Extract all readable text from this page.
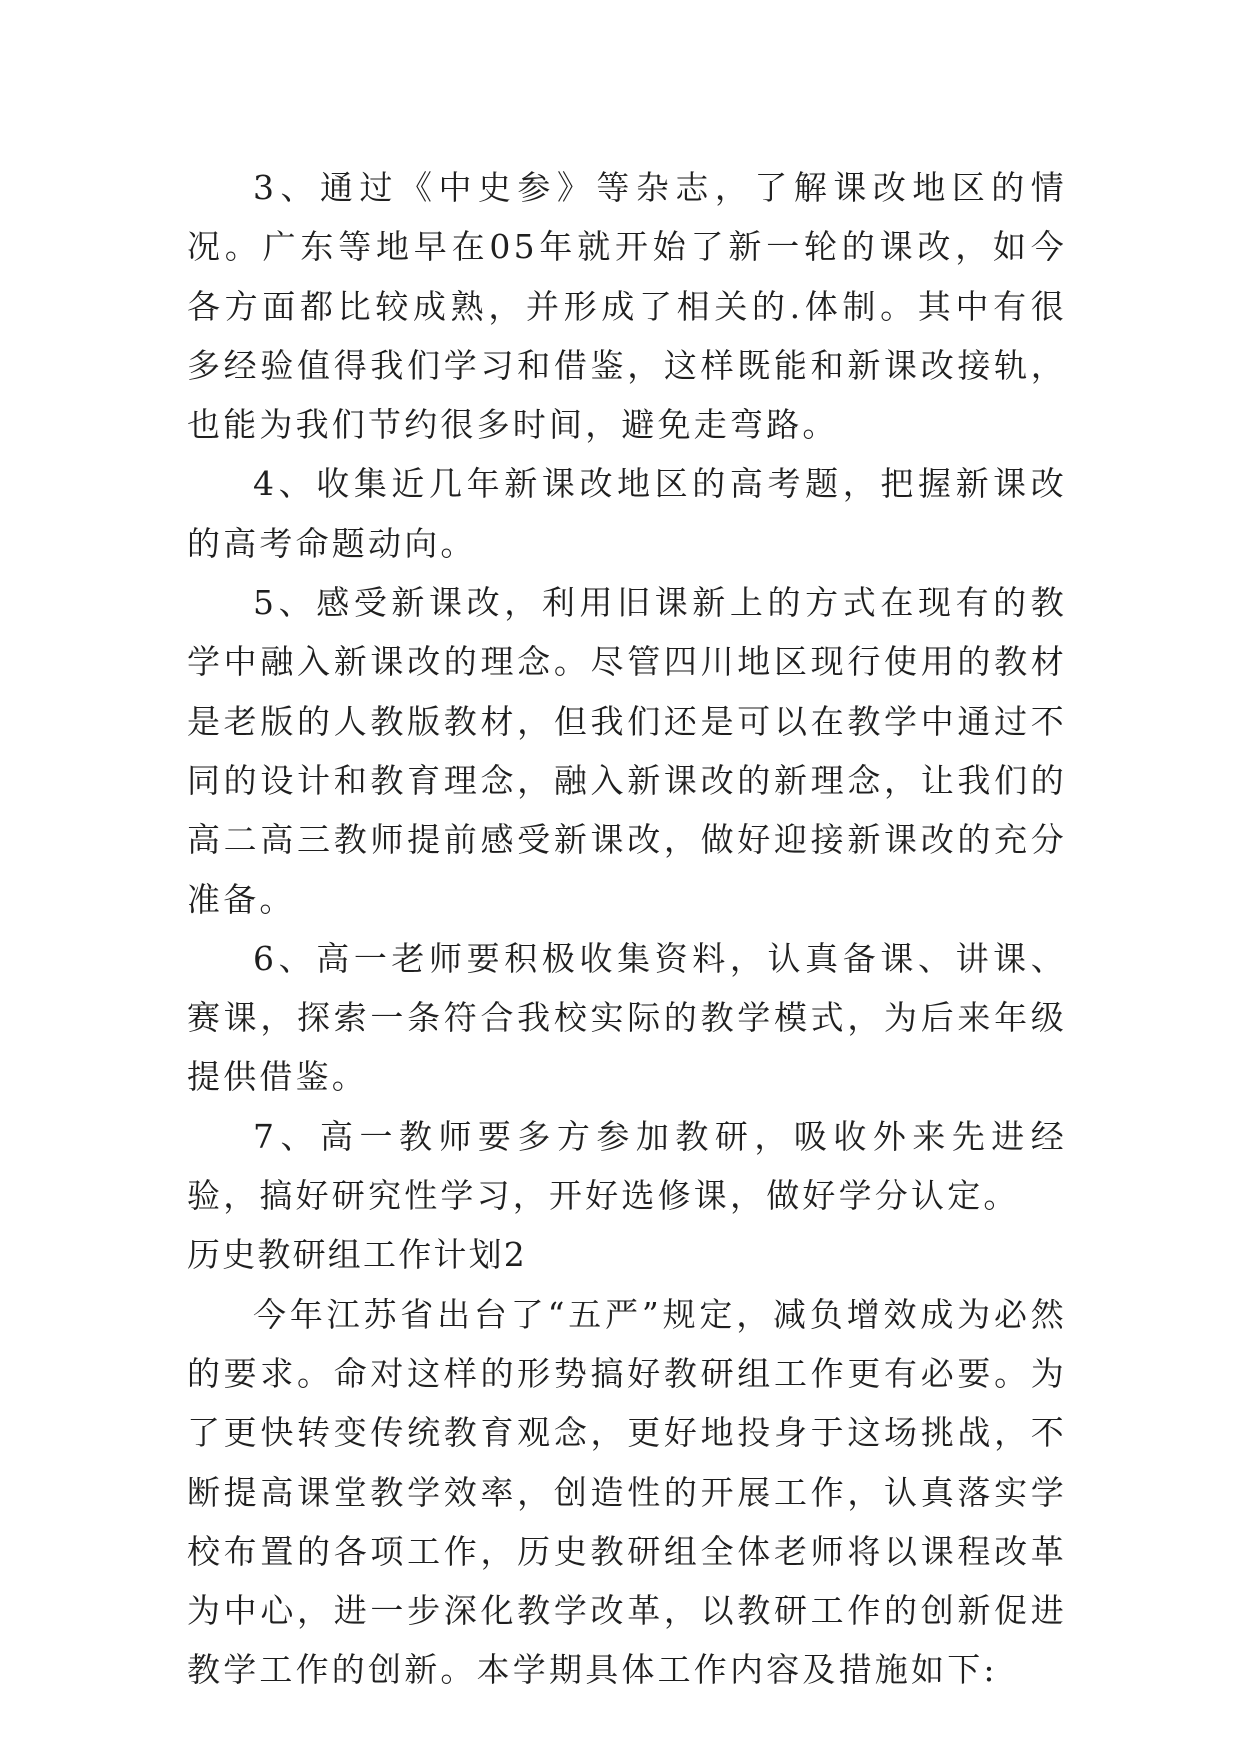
3、通过《中史参》等杂志，了解课改地区的情况。广东等地早在05年就开始了新一轮的课改，如今各方面都比较成熟，并形成了相关的.体制。其中有很多经验值得我们学习和借鉴，这样既能和新课改接轨，也能为我们节约很多时间，避免走弯路。

4、收集近几年新课改地区的高考题，把握新课改的高考命题动向。

5、感受新课改，利用旧课新上的方式在现有的教学中融入新课改的理念。尽管四川地区现行使用的教材是老版的人教版教材，但我们还是可以在教学中通过不同的设计和教育理念，融入新课改的新理念，让我们的高二高三教师提前感受新课改，做好迎接新课改的充分准备。

6、高一老师要积极收集资料，认真备课、讲课、赛课，探索一条符合我校实际的教学模式，为后来年级提供借鉴。

7、高一教师要多方参加教研，吸收外来先进经验，搞好研究性学习，开好选修课，做好学分认定。

历史教研组工作计划2

今年江苏省出台了“五严”规定，减负增效成为必然的要求。命对这样的形势搞好教研组工作更有必要。为了更快转变传统教育观念，更好地投身于这场挑战，不断提高课堂教学效率，创造性的开展工作，认真落实学校布置的各项工作，历史教研组全体老师将以课程改革为中心，进一步深化教学改革，以教研工作的创新促进教学工作的创新。本学期具体工作内容及措施如下:
